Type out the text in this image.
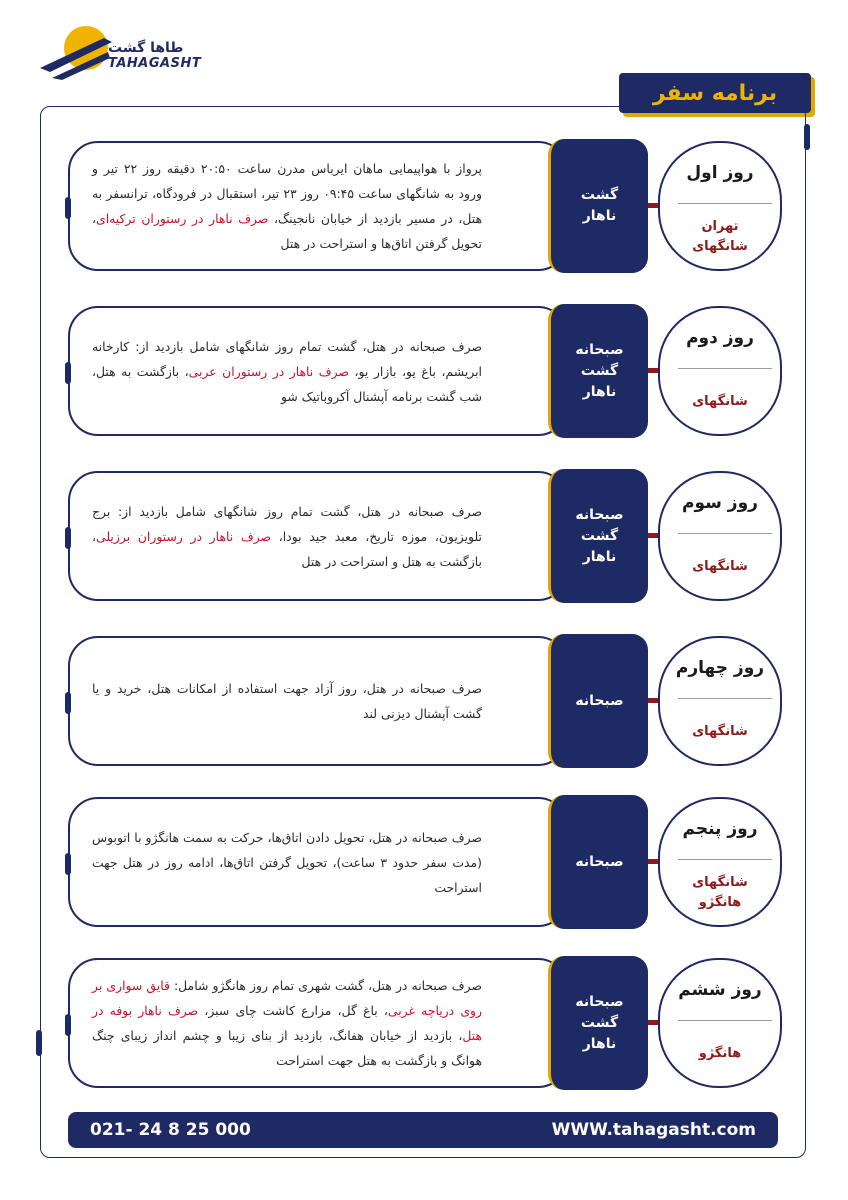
طاها گشت
TAHAGASHT
برنامه سفر

پرواز با هواپیمایی ماهان ایرباس مدرن ساعت ۲۰:۵۰ دقیقه روز ۲۲ تیر و ورود به شانگهای ساعت ۰۹:۴۵ روز ۲۳ تیر، استقبال در فرودگاه، ترانسفر به هتل، در مسیر بازدید از خیابان نانجینگ، صرف ناهار در رستوران ترکیه‌ای، تحویل گرفتن اتاق‌ها و استراحت در هتل

گشت
ناهار
روز اول
تهران
شانگهای

صرف صبحانه در هتل، گشت تمام روز شانگهای شامل بازدید از: کارخانه ابریشم، باغ یو، بازار یو، صرف ناهار در رستوران عربی، بازگشت به هتل، شب گشت برنامه آپشنال آکروباتیک شو

صبحانه
گشت
ناهار
روز دوم
شانگهای

صرف صبحانه در هتل، گشت تمام روز شانگهای شامل بازدید از: برج تلویزیون، موزه تاریخ، معبد جید بودا، صرف ناهار در رستوران برزیلی، بازگشت به هتل و استراحت در هتل

صبحانه
گشت
ناهار
روز سوم
شانگهای

صرف صبحانه در هتل، روز آزاد جهت استفاده از امکانات هتل، خرید و یا گشت آپشنال دیزنی لند

صبحانه
روز چهارم
شانگهای

صرف صبحانه در هتل، تحویل دادن اتاق‌ها، حرکت به سمت هانگژو با اتوبوس (مدت سفر حدود ۳ ساعت)، تحویل گرفتن اتاق‌ها، ادامه روز در هتل جهت استراحت

صبحانه
روز پنجم
شانگهای
هانگژو

صرف صبحانه در هتل، گشت شهری تمام روز هانگژو شامل: قایق سواری بر روی دریاچه غربی، باغ گل، مزارع کاشت چای سبز، صرف ناهار بوفه در هتل، بازدید از خیابان هفانگ، بازدید از بنای زیبا و چشم انداز زیبای چنگ هوانگ و بازگشت به هتل جهت استراحت

صبحانه
گشت
ناهار
روز ششم
هانگژو
021- 24 8 25 000	WWW.tahagasht.com
